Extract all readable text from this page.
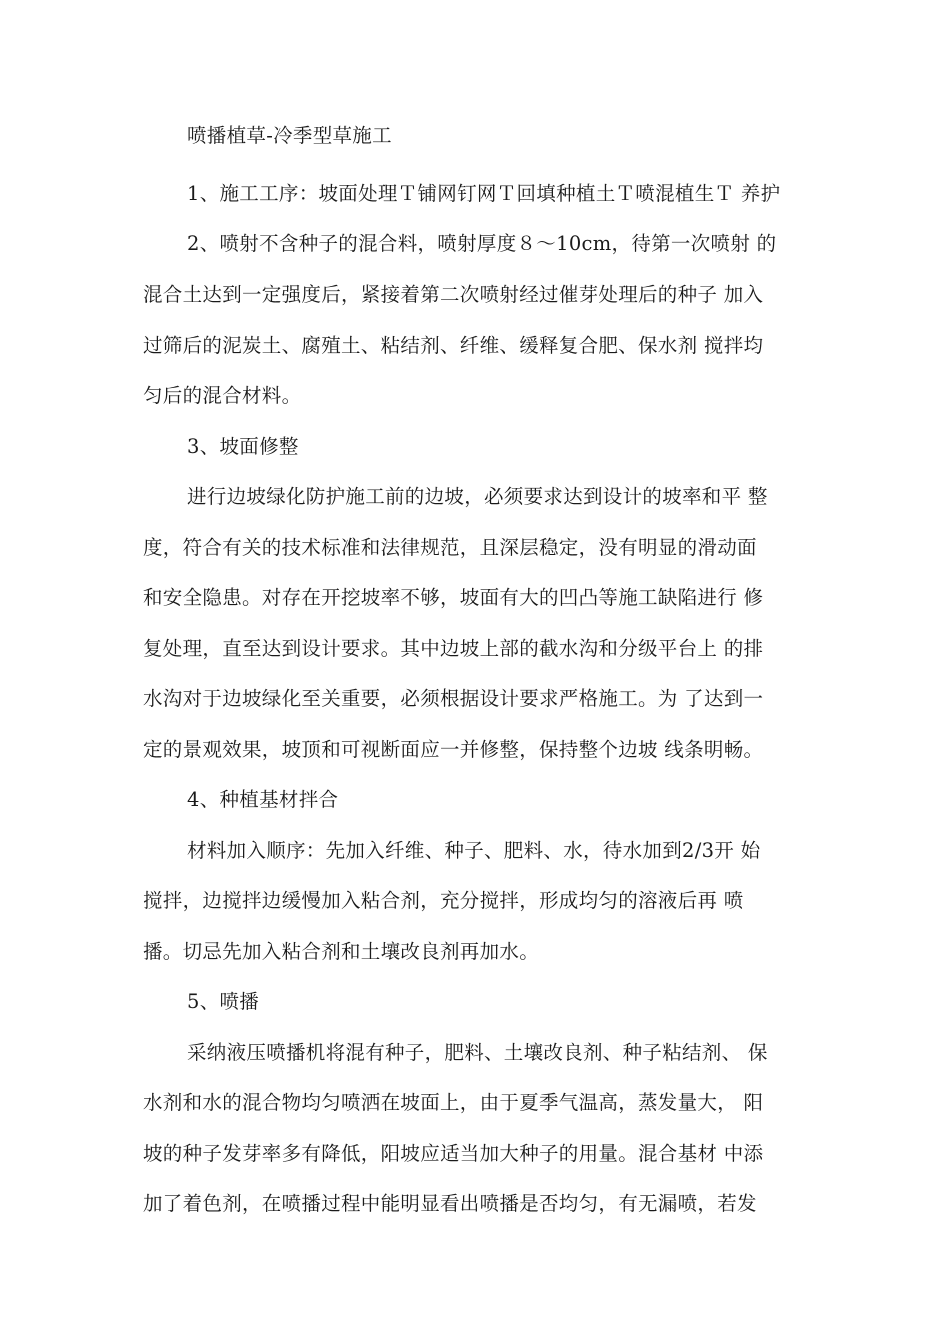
喷播植草-冷季型草施工
1、施工工序：坡面处理Ｔ铺网钉网Ｔ回填种植土Ｔ喷混植生Ｔ 养护
2、喷射不含种子的混合料，喷射厚度８〜10cm，待第一次喷射 的
混合土达到一定强度后，紧接着第二次喷射经过催芽处理后的种子 加入
过筛后的泥炭土、腐殖土、粘结剂、纤维、缓释复合肥、保水剂 搅拌均
匀后的混合材料。
3、坡面修整
进行边坡绿化防护施工前的边坡，必须要求达到设计的坡率和平 整
度，符合有关的技术标准和法律规范，且深层稳定，没有明显的滑动面
和安全隐患。对存在开挖坡率不够，坡面有大的凹凸等施工缺陷进行 修
复处理，直至达到设计要求。其中边坡上部的截水沟和分级平台上 的排
水沟对于边坡绿化至关重要，必须根据设计要求严格施工。为 了达到一
定的景观效果，坡顶和可视断面应一并修整，保持整个边坡 线条明畅。
4、种植基材拌合
材料加入顺序：先加入纤维、种子、肥料、水，待水加到2/3开 始
搅拌，边搅拌边缓慢加入粘合剂，充分搅拌，形成均匀的溶液后再 喷
播。切忌先加入粘合剂和土壤改良剂再加水。
5、喷播
采纳液压喷播机将混有种子，肥料、土壤改良剂、种子粘结剂、 保
水剂和水的混合物均匀喷洒在坡面上，由于夏季气温高，蒸发量大， 阳
坡的种子发芽率多有降低，阳坡应适当加大种子的用量。混合基材 中添
加了着色剂，在喷播过程中能明显看出喷播是否均匀，有无漏喷，若发
